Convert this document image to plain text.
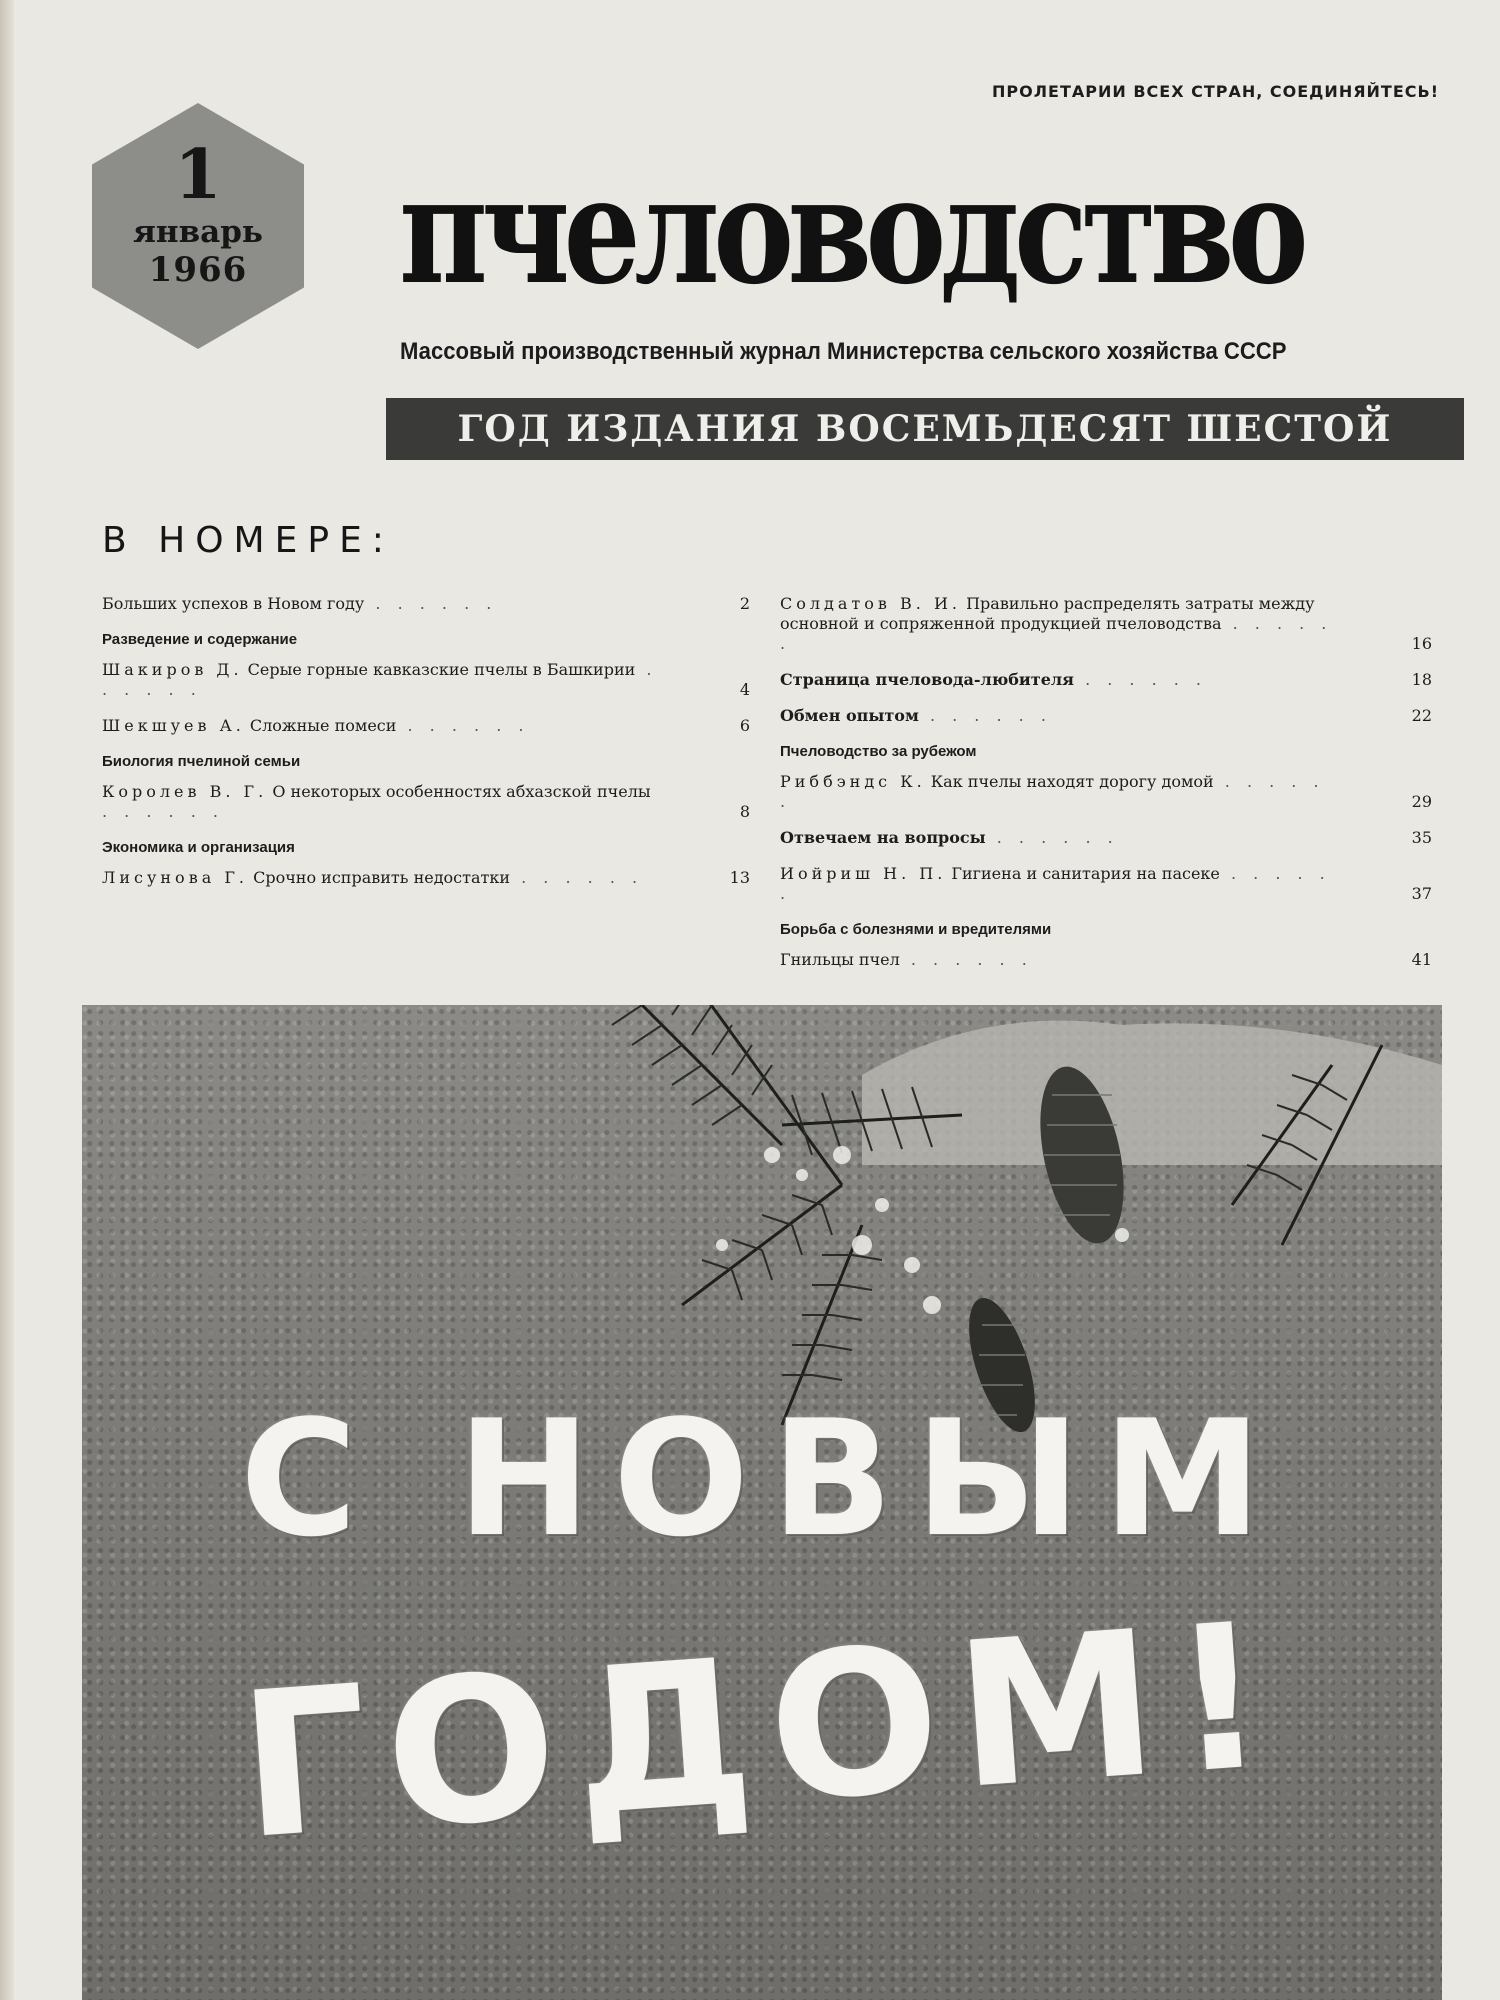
ПРОЛЕТАРИИ ВСЕХ СТРАН, СОЕДИНЯЙТЕСЬ!
1
январь
1966	пчеловодство
Массовый производственный журнал Министерства сельского хозяйства СССР
ГОД ИЗДАНИЯ ВОСЕМЬДЕСЯТ ШЕСТОЙ
В НОМЕРЕ:
Больших успехов в Новом году . . . . . .	2
Разведение и содержание
Шакиров Д. Серые горные кавказские пчелы в Башкирии . . . . . .	4
Шекшуев А. Сложные помеси . . . . . .	6
Биология пчелиной семьи
Королев В. Г. О некоторых особенностях абхазской пчелы . . . . . .	8
Экономика и организация
Лисунова Г. Срочно исправить недостатки . . . . . .	13
Солдатов В. И. Правильно распределять затраты между основной и сопряженной продукцией пчеловодства . . . . . .	16
Страница пчеловода-любителя . . . . . .	18
Обмен опытом . . . . . .	22
Пчеловодство за рубежом
Риббэндс К. Как пчелы находят дорогу домой . . . . . .	29
Отвечаем на вопросы . . . . . .	35
Иойриш Н. П. Гигиена и санитария на пасеке . . . . . .	37
Борьба с болезнями и вредителями
Гнильцы пчел . . . . . .	41
С НОВЫМ
ГОДОМ!
